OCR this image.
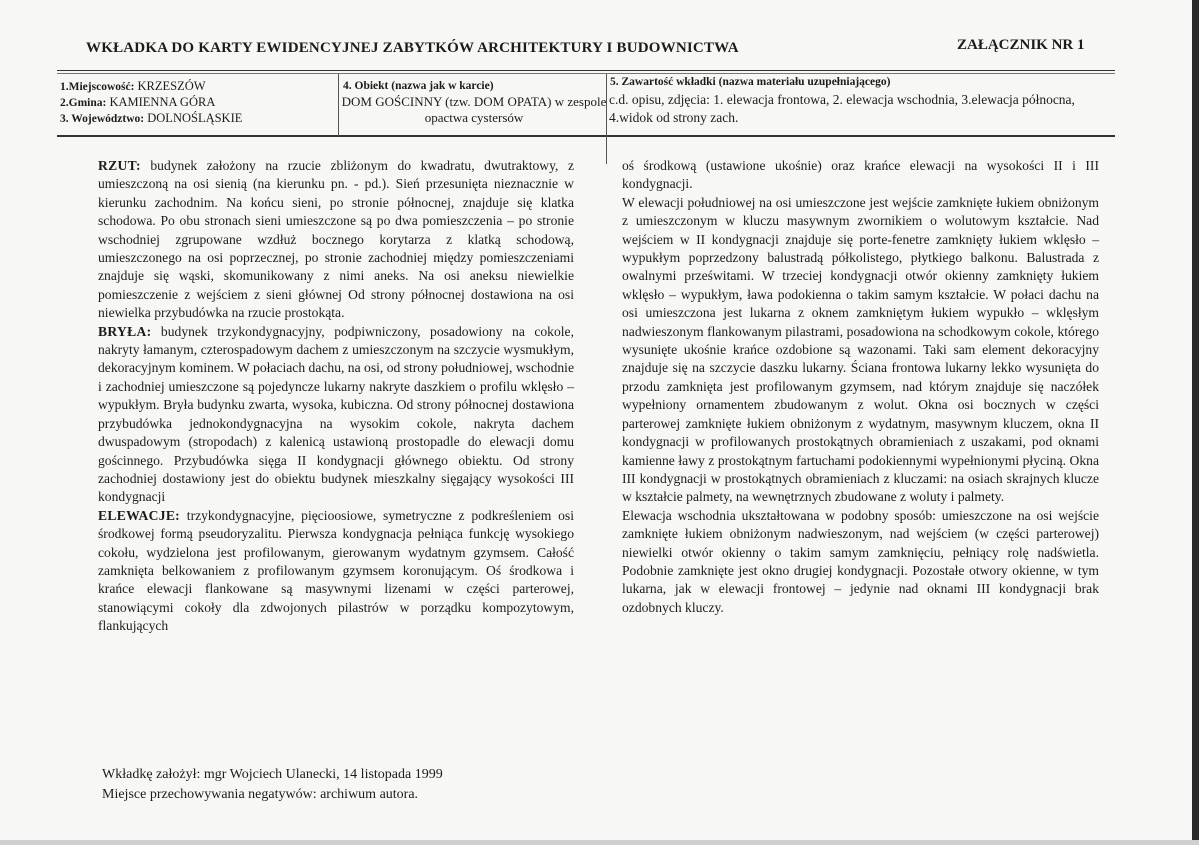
WKŁADKA DO KARTY EWIDENCYJNEJ ZABYTKÓW ARCHITEKTURY I BUDOWNICTWA	ZAŁĄCZNIK NR 1
1.Miejscowość: KRZESZÓW
2.Gmina: KAMIENNA GÓRA
3. Województwo: DOLNOŚLĄSKIE
4. Obiekt (nazwa jak w karcie)
DOM GOŚCINNY (tzw. DOM OPATA) w zespole opactwa cystersów
5. Zawartość wkładki (nazwa materiału uzupełniającego)
c.d. opisu, zdjęcia: 1. elewacja frontowa, 2. elewacja wschodnia, 3.elewacja północna, 4.widok od strony zach.

RZUT: budynek założony na rzucie zbliżonym do kwadratu, dwutraktowy, z umieszczoną na osi sienią (na kierunku pn. - pd.). Sień przesunięta nieznacznie w kierunku zachodnim. Na końcu sieni, po stronie północnej, znajduje się klatka schodowa. Po obu stronach sieni umieszczone są po dwa pomieszczenia – po stronie wschodniej zgrupowane wzdłuż bocznego korytarza z klatką schodową, umieszczonego na osi poprzecznej, po stronie zachodniej między pomieszczeniami znajduje się wąski, skomunikowany z nimi aneks. Na osi aneksu niewielkie pomieszczenie z wejściem z sieni głównej Od strony północnej dostawiona na osi niewielka przybudówka na rzucie prostokąta.

BRYŁA: budynek trzykondygnacyjny, podpiwniczony, posadowiony na cokole, nakryty łamanym, czterospadowym dachem z umieszczonym na szczycie wysmukłym, dekoracyjnym kominem. W połaciach dachu, na osi, od strony południowej, wschodnie i zachodniej umieszczone są pojedyncze lukarny nakryte daszkiem o profilu wklęsło – wypukłym. Bryła budynku zwarta, wysoka, kubiczna. Od strony północnej dostawiona przybudówka jednokondygnacyjna na wysokim cokole, nakryta dachem dwuspadowym (stropodach) z kalenicą ustawioną prostopadle do elewacji domu gościnnego. Przybudówka sięga II kondygnacji głównego obiektu. Od strony zachodniej dostawiony jest do obiektu budynek mieszkalny sięgający wysokości III kondygnacji

ELEWACJE: trzykondygnacyjne, pięcioosiowe, symetryczne z podkreśleniem osi środkowej formą pseudoryzalitu. Pierwsza kondygnacja pełniąca funkcję wysokiego cokołu, wydzielona jest profilowanym, gierowanym wydatnym gzymsem. Całość zamknięta belkowaniem z profilowanym gzymsem koronującym. Oś środkowa i krańce elewacji flankowane są masywnymi lizenami w części parterowej, stanowiącymi cokoły dla zdwojonych pilastrów w porządku kompozytowym, flankujących

oś środkową (ustawione ukośnie) oraz krańce elewacji na wysokości II i III kondygnacji.

W elewacji południowej na osi umieszczone jest wejście zamknięte łukiem obniżonym z umieszczonym w kluczu masywnym zwornikiem o wolutowym kształcie. Nad wejściem w II kondygnacji znajduje się porte-fenetre zamknięty łukiem wklęsło – wypukłym poprzedzony balustradą półkolistego, płytkiego balkonu. Balustrada z owalnymi prześwitami. W trzeciej kondygnacji otwór okienny zamknięty łukiem wklęsło – wypukłym, ława podokienna o takim samym kształcie. W połaci dachu na osi umieszczona jest lukarna z oknem zamkniętym łukiem wypukło – wklęsłym nadwieszonym flankowanym pilastrami, posadowiona na schodkowym cokole, którego wysunięte ukośnie krańce ozdobione są wazonami. Taki sam element dekoracyjny znajduje się na szczycie daszku lukarny. Ściana frontowa lukarny lekko wysunięta do przodu zamknięta jest profilowanym gzymsem, nad którym znajduje się naczółek wypełniony ornamentem zbudowanym z wolut. Okna osi bocznych w części parterowej zamknięte łukiem obniżonym z wydatnym, masywnym kluczem, okna II kondygnacji w profilowanych prostokątnych obramieniach z uszakami, pod oknami kamienne ławy z prostokątnym fartuchami podokiennymi wypełnionymi płyciną. Okna III kondygnacji w prostokątnych obramieniach z kluczami: na osiach skrajnych klucze w kształcie palmety, na wewnętrznych zbudowane z woluty i palmety.

Elewacja wschodnia ukształtowana w podobny sposób: umieszczone na osi wejście zamknięte łukiem obniżonym nadwieszonym, nad wejściem (w części parterowej) niewielki otwór okienny o takim samym zamknięciu, pełniący rolę nadświetla. Podobnie zamknięte jest okno drugiej kondygnacji. Pozostałe otwory okienne, w tym lukarna, jak w elewacji frontowej – jedynie nad oknami III kondygnacji brak ozdobnych kluczy.

Wkładkę założył: mgr Wojciech Ulanecki, 14 listopada 1999
Miejsce przechowywania negatywów: archiwum autora.
